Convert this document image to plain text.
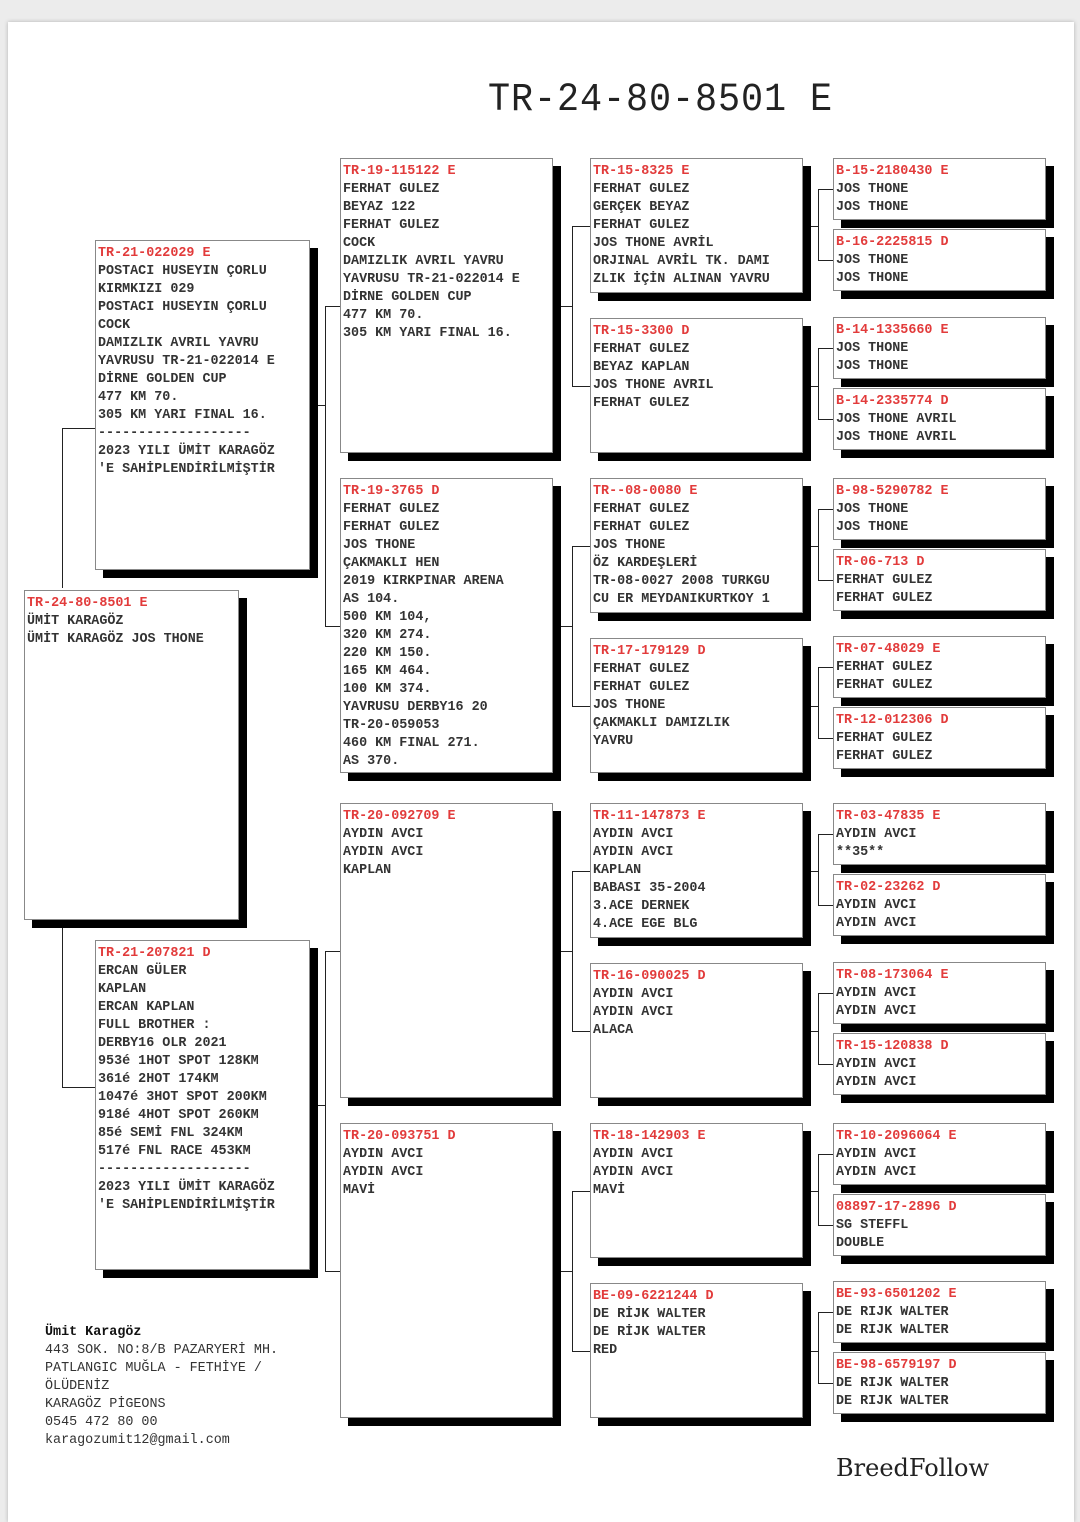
TR-24-80-8501 E
TR-24-80-8501 E
ÜMİT KARAGÖZ
ÜMİT KARAGÖZ JOS THONE
TR-21-022029 E
POSTACI HUSEYIN ÇORLU
KIRMKIZI 029
POSTACI HUSEYIN ÇORLU
COCK
DAMIZLIK AVRIL YAVRU
YAVRUSU TR-21-022014 E
DİRNE GOLDEN CUP
477 KM 70.
305 KM YARI FINAL 16.
-------------------
2023 YILI ÜMİT KARAGÖZ
'E SAHİPLENDİRİLMİŞTİR
TR-21-207821 D
ERCAN GÜLER
KAPLAN
ERCAN KAPLAN
FULL BROTHER :
DERBY16 OLR 2021
953é 1HOT SPOT 128KM
361é 2HOT 174KM
1047é 3HOT SPOT 200KM
918é 4HOT SPOT 260KM
85é SEMİ FNL 324KM
517é FNL RACE 453KM
-------------------
2023 YILI ÜMİT KARAGÖZ
'E SAHİPLENDİRİLMİŞTİR
TR-19-115122 E
FERHAT GULEZ
BEYAZ 122
FERHAT GULEZ
COCK
DAMIZLIK AVRIL YAVRU
YAVRUSU TR-21-022014 E
DİRNE GOLDEN CUP
477 KM 70.
305 KM YARI FINAL 16.
TR-19-3765 D
FERHAT GULEZ
FERHAT GULEZ
JOS THONE
ÇAKMAKLI HEN
2019 KIRKPINAR ARENA
AS 104.
500 KM 104,
320 KM 274.
220 KM 150.
165 KM 464.
100 KM 374.
YAVRUSU DERBY16 20
TR-20-059053
460 KM FINAL 271.
AS 370.
TR-20-092709 E
AYDIN AVCI
AYDIN AVCI
KAPLAN
TR-20-093751 D
AYDIN AVCI
AYDIN AVCI
MAVİ
TR-15-8325 E
FERHAT GULEZ
GERÇEK BEYAZ
FERHAT GULEZ
JOS THONE AVRİL
ORJINAL AVRİL TK. DAMI
ZLIK İÇİN ALINAN YAVRU
TR-15-3300 D
FERHAT GULEZ
BEYAZ KAPLAN
JOS THONE AVRIL
FERHAT GULEZ
TR--08-0080 E
FERHAT GULEZ
FERHAT GULEZ
JOS THONE
ÖZ KARDEŞLERİ
TR-08-0027 2008 TURKGU
CU ER MEYDANIKURTKOY 1
TR-17-179129 D
FERHAT GULEZ
FERHAT GULEZ
JOS THONE
ÇAKMAKLI DAMIZLIK
YAVRU
TR-11-147873 E
AYDIN AVCI
AYDIN AVCI
KAPLAN
BABASI 35-2004
3.ACE DERNEK
4.ACE EGE BLG
TR-16-090025 D
AYDIN AVCI
AYDIN AVCI
ALACA
TR-18-142903 E
AYDIN AVCI
AYDIN AVCI
MAVİ
BE-09-6221244 D
DE RİJK WALTER
DE RİJK WALTER
RED
B-15-2180430 E
JOS THONE
JOS THONE
B-16-2225815 D
JOS THONE
JOS THONE
B-14-1335660 E
JOS THONE
JOS THONE
B-14-2335774 D
JOS THONE AVRIL
JOS THONE AVRIL
B-98-5290782 E
JOS THONE
JOS THONE
TR-06-713 D
FERHAT GULEZ
FERHAT GULEZ
TR-07-48029 E
FERHAT GULEZ
FERHAT GULEZ
TR-12-012306 D
FERHAT GULEZ
FERHAT GULEZ
TR-03-47835 E
AYDIN AVCI
**35**
TR-02-23262 D
AYDIN AVCI
AYDIN AVCI
TR-08-173064 E
AYDIN AVCI
AYDIN AVCI
TR-15-120838 D
AYDIN AVCI
AYDIN AVCI
TR-10-2096064 E
AYDIN AVCI
AYDIN AVCI
08897-17-2896 D
SG STEFFL
DOUBLE
BE-93-6501202 E
DE RIJK WALTER
DE RIJK WALTER
BE-98-6579197 D
DE RIJK WALTER
DE RIJK WALTER
Ümit Karagöz
443 SOK. NO:8/B PAZARYERİ MH.
PATLANGIC MUĞLA - FETHİYE /
ÖLÜDENİZ
KARAGÖZ PİGEONS
0545 472 80 00
karagozumit12@gmail.com
BreedFollow
